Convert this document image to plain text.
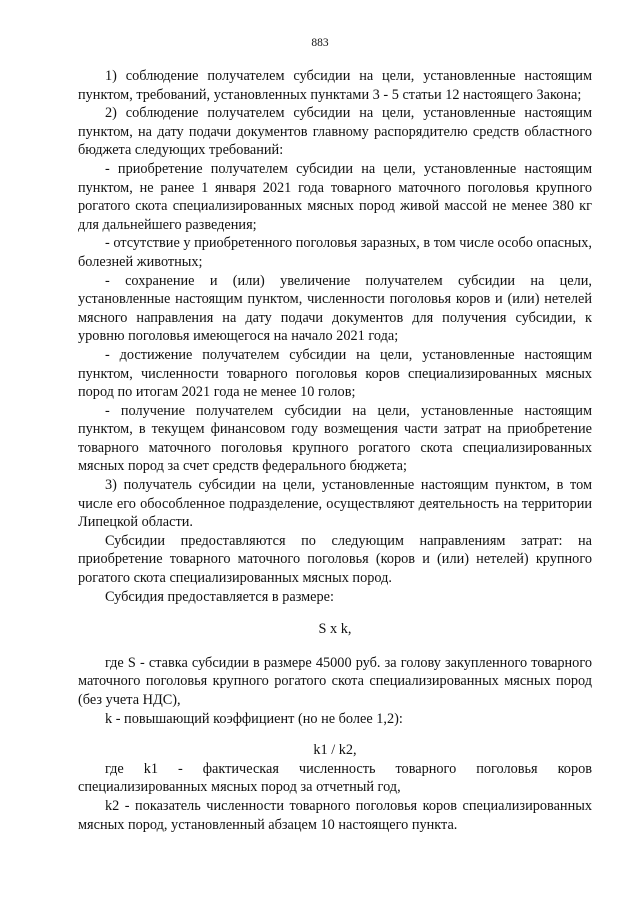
883

1) соблюдение получателем субсидии на цели, установленные настоящим пунктом, требований, установленных пунктами 3 - 5 статьи 12 настоящего Закона;

2) соблюдение получателем субсидии на цели, установленные настоящим пунктом, на дату подачи документов главному распорядителю средств областного бюджета следующих требований:

- приобретение получателем субсидии на цели, установленные настоящим пунктом, не ранее 1 января 2021 года товарного маточного поголовья крупного рогатого скота специализированных мясных пород живой массой не менее 380 кг для дальнейшего разведения;

- отсутствие у приобретенного поголовья заразных, в том числе особо опасных, болезней животных;

- сохранение и (или) увеличение получателем субсидии на цели, установленные настоящим пунктом, численности поголовья коров и (или) нетелей мясного направления на дату подачи документов для получения субсидии, к уровню поголовья имеющегося на начало 2021 года;

- достижение получателем субсидии на цели, установленные настоящим пунктом, численности товарного поголовья коров специализированных мясных пород по итогам 2021 года не менее 10 голов;

- получение получателем субсидии на цели, установленные настоящим пунктом, в текущем финансовом году возмещения части затрат на приобретение товарного маточного поголовья крупного рогатого скота специализированных мясных пород за счет средств федерального бюджета;

3) получатель субсидии на цели, установленные настоящим пунктом, в том числе его обособленное подразделение, осуществляют деятельность на территории Липецкой области.

Субсидии предоставляются по следующим направлениям затрат: на приобретение товарного маточного поголовья (коров и (или) нетелей) крупного рогатого скота специализированных мясных пород.

Субсидия предоставляется в размере:

S x k,

где S - ставка субсидии в размере 45000 руб. за голову закупленного товарного маточного поголовья крупного рогатого скота специализированных мясных пород (без учета НДС),

k - повышающий коэффициент (но не более 1,2):

k1 / k2,

где k1 - фактическая численность товарного поголовья коров специализированных мясных пород за отчетный год,

k2 - показатель численности товарного поголовья коров специализированных мясных пород, установленный абзацем 10 настоящего пункта.
